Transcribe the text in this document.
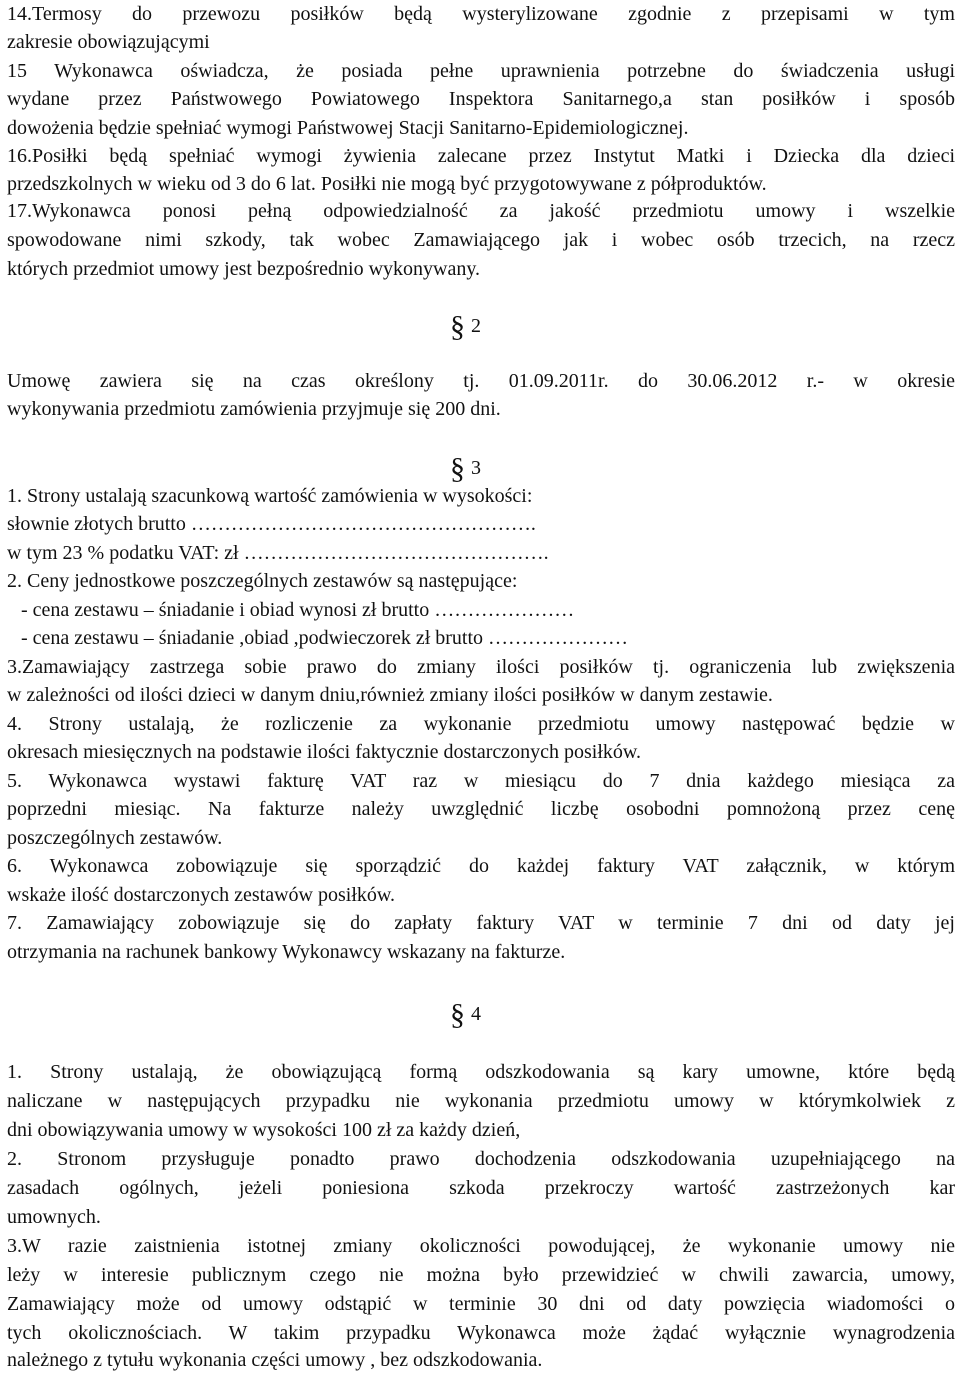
14.Termosy do przewozu posiłków będą wysterylizowane zgodnie z przepisami w tym
zakresie obowiązującymi
15 Wykonawca oświadcza, że posiada pełne uprawnienia potrzebne do świadczenia usługi
wydane przez Państwowego Powiatowego Inspektora Sanitarnego,a stan posiłków i sposób
dowożenia będzie spełniać wymogi Państwowej Stacji Sanitarno-Epidemiologicznej.
16.Posiłki będą spełniać wymogi żywienia zalecane przez Instytut Matki i Dziecka dla dzieci
przedszkolnych w wieku od 3 do 6 lat. Posiłki nie mogą być przygotowywane z półproduktów.
17.Wykonawca ponosi pełną odpowiedzialność za jakość przedmiotu umowy i wszelkie
spowodowane nimi szkody, tak wobec Zamawiającego jak i wobec osób trzecich, na rzecz
których przedmiot umowy jest bezpośrednio wykonywany.
§ 2
Umowę zawiera się na czas określony tj. 01.09.2011r. do 30.06.2012 r.- w okresie
wykonywania przedmiotu zamówienia przyjmuje się 200 dni.
§ 3
1. Strony ustalają szacunkową wartość zamówienia w wysokości:
słownie złotych brutto …………………………………………….
w tym 23 % podatku VAT: zł ……………………………………….
2. Ceny jednostkowe poszczególnych zestawów są następujące:
- cena zestawu – śniadanie i obiad wynosi zł brutto …………………
- cena zestawu – śniadanie ,obiad ,podwieczorek zł brutto …………………
3.Zamawiający zastrzega sobie prawo do zmiany ilości posiłków tj. ograniczenia lub zwiększenia
w zależności od ilości dzieci w danym dniu,również zmiany ilości posiłków w danym zestawie.
4. Strony ustalają, że rozliczenie za wykonanie przedmiotu umowy następować będzie w
okresach miesięcznych na podstawie ilości faktycznie dostarczonych posiłków.
5. Wykonawca wystawi fakturę VAT raz w miesiącu do 7 dnia każdego miesiąca za
poprzedni miesiąc. Na fakturze należy uwzględnić liczbę osobodni pomnożoną przez cenę
poszczególnych zestawów.
6. Wykonawca zobowiązuje się sporządzić do każdej faktury VAT załącznik, w którym
wskaże ilość dostarczonych zestawów posiłków.
7. Zamawiający zobowiązuje się do zapłaty faktury VAT w terminie 7 dni od daty jej
otrzymania na rachunek bankowy Wykonawcy wskazany na fakturze.
§ 4
1. Strony ustalają, że obowiązującą formą odszkodowania są kary umowne, które będą
naliczane w następujących przypadku nie wykonania przedmiotu umowy w którymkolwiek z
dni obowiązywania umowy w wysokości 100 zł za każdy dzień,
2. Stronom przysługuje ponadto prawo dochodzenia odszkodowania uzupełniającego na
zasadach ogólnych, jeżeli poniesiona szkoda przekroczy wartość zastrzeżonych kar
umownych.
3.W razie zaistnienia istotnej zmiany okoliczności powodującej, że wykonanie umowy nie
leży w interesie publicznym czego nie można było przewidzieć w chwili zawarcia, umowy,
Zamawiający może od umowy odstąpić w terminie 30 dni od daty powzięcia wiadomości o
tych okolicznościach. W takim przypadku Wykonawca może żądać wyłącznie wynagrodzenia
należnego z tytułu wykonania części umowy , bez odszkodowania.
